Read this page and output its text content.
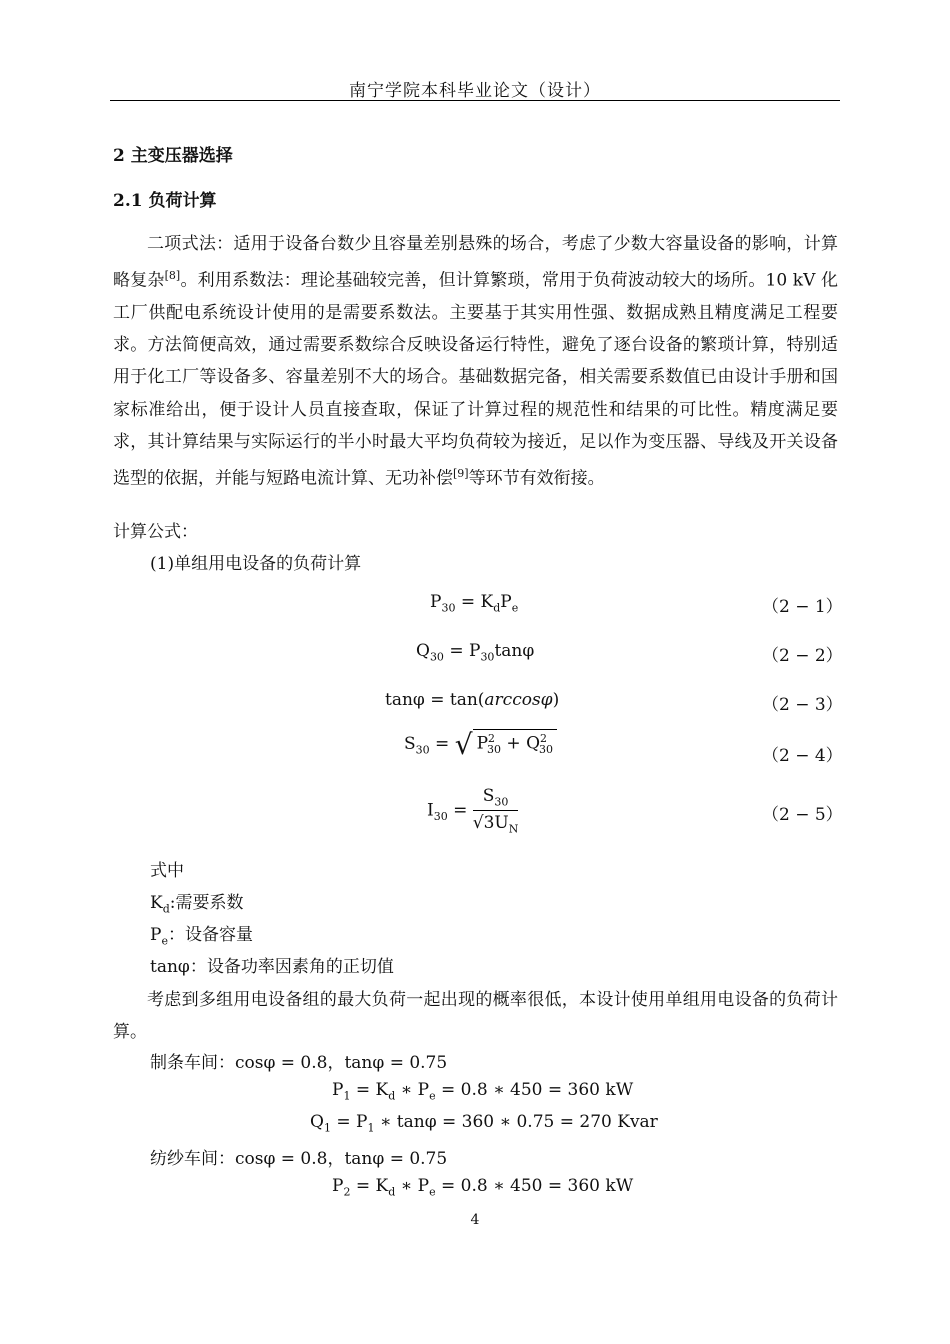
南宁学院本科毕业论文（设计）
2 主变压器选择
2.1 负荷计算

二项式法：适用于设备台数少且容量差别悬殊的场合，考虑了少数大容量设备的影响，计算略复杂[8]。利用系数法：理论基础较完善，但计算繁琐，常用于负荷波动较大的场所。10 kV 化工厂供配电系统设计使用的是需要系数法。主要基于其实用性强、数据成熟且精度满足工程要求。方法简便高效，通过需要系数综合反映设备运行特性，避免了逐台设备的繁琐计算，特别适用于化工厂等设备多、容量差别不大的场合。基础数据完备，相关需要系数值已由设计手册和国家标准给出，便于设计人员直接查取，保证了计算过程的规范性和结果的可比性。精度满足要求，其计算结果与实际运行的半小时最大平均负荷较为接近，足以作为变压器、导线及开关设备选型的依据，并能与短路电流计算、无功补偿[9]等环节有效衔接。

计算公式：
(1)单组用电设备的负荷计算
$P_{30} = K_dP_e$	（2 − 1）
$Q_{30} = P_{30}\tan\varphi$	（2 − 2）
tanφ = tan(arccosφ)	（2 − 3）
$S_{30}$ = √ $P^2_{30} + Q^2_{30}$	（2 − 4）
$I_{30} = \frac{S_{30}}{√3U_N}$	（2 − 5）
式中
$K_d$:需要系数
$P_e$：设备容量
tanφ：设备功率因素角的正切值

考虑到多组用电设备组的最大负荷一起出现的概率很低，本设计使用单组用电设备的负荷计算。

制条车间：cosφ = 0.8，tanφ = 0.75
$P_1 = K_d$ ∗ $P_e = 0.8$ ∗ 450 = 360 kW
$Q_1 = P_1$ ∗ tanφ = 360 ∗ 0.75 = 270 Kvar
纺纱车间：cosφ = 0.8，tanφ = 0.75
$P_2 = K_d$ ∗ $P_e = 0.8$ ∗ 450 = 360 kW
4
